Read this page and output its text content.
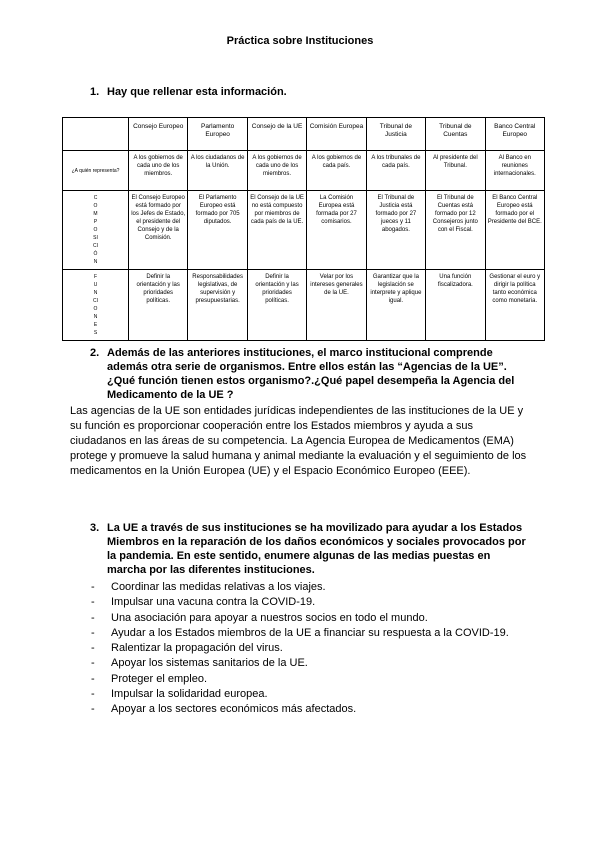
Práctica sobre Instituciones
1. Hay que rellenar esta información.
	Consejo Europeo	Parlamento Europeo	Consejo de la UE	Comisión Europea	Tribunal de Justicia	Tribunal de Cuentas	Banco Central Europeo
¿A quién representa?	A los gobiernos de cada uno de los miembros.	A los ciudadanos de la Unión.	A los gobiernos de cada uno de los miembros.	A los gobiernos de cada país.	A los tribunales de cada país.	Al presidente del Tribunal.	Al Banco en reuniones internacionales.
COMPOSICIÓN	El Consejo Europeo está formado por los Jefes de Estado, el presidente del Consejo y de la Comisión.	El Parlamento Europeo está formado por 705 diputados.	El Consejo de la UE no está compuesto por miembros de cada país de la UE.	La Comisión Europea está formada por 27 comisarios.	El Tribunal de Justicia está formado por 27 jueces y 11 abogados.	El Tribunal de Cuentas está formado por 12 Consejeros junto con el Fiscal.	El Banco Central Europeo está formado por el Presidente del BCE.
FUNCIONES	Definir la orientación y las prioridades políticas.	Responsabilidades legislativas, de supervisión y presupuestarias.	Definir la orientación y las prioridades políticas.	Velar por los intereses generales de la UE.	Garantizar que la legislación se interprete y aplique igual.	Una función fiscalizadora.	Gestionar el euro y dirigir la política tanto económica como monetaria.
2. Además de las anteriores instituciones, el marco institucional comprende además otra serie de organismos. Entre ellos están las “Agencias de la UE”. ¿Qué función tienen estos organismo?.¿Qué papel desempeña la Agencia del Medicamento de la UE ?
Las agencias de la UE son entidades jurídicas independientes de las instituciones de la UE y su función es proporcionar cooperación entre los Estados miembros y ayuda a sus ciudadanos en las áreas de su competencia. La Agencia Europea de Medicamentos (EMA) protege y promueve la salud humana y animal mediante la evaluación y el seguimiento de los medicamentos en la Unión Europea (UE) y el Espacio Económico Europeo (EEE).
3. La UE a través de sus instituciones se ha movilizado para ayudar a los Estados Miembros en la reparación de los daños económicos y sociales provocados por la pandemia. En este sentido, enumere algunas de las medias puestas en marcha por las diferentes instituciones.
- Coordinar las medidas relativas a los viajes.
- Impulsar una vacuna contra la COVID-19.
- Una asociación para apoyar a nuestros socios en todo el mundo.
- Ayudar a los Estados miembros de la UE a financiar su respuesta a la COVID-19.
- Ralentizar la propagación del virus.
- Apoyar los sistemas sanitarios de la UE.
- Proteger el empleo.
- Impulsar la solidaridad europea.
- Apoyar a los sectores económicos más afectados.
